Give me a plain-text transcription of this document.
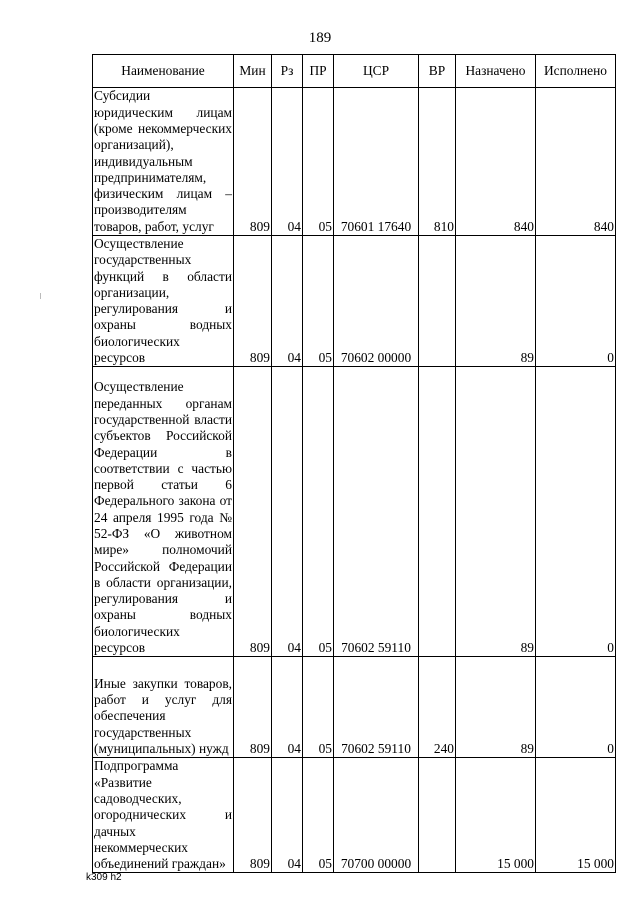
189
Наименование	Мин	Рз	ПР	ЦСР	ВР	Назначено	Исполнено

Субсидии юридическим лицам (кроме некоммерческих организаций), индивидуальным предпринимателям, физическим лицам – производителям товаров, работ, услуг	809	04	05	70601 17640	810	840	840

Осуществление государственных функций в области организации, регулирования и охраны водных биологических ресурсов	809	04	05	70602 00000		89	0

Осуществление переданных органам государственной власти субъектов Российской Федерации в соответствии с частью первой статьи 6 Федерального закона от 24 апреля 1995 года № 52-ФЗ «О животном мире» полномочий Российской Федерации в области организации, регулирования и охраны водных биологических ресурсов	809	04	05	70602 59110		89	0

Иные закупки товаров, работ и услуг для обеспечения государственных (муниципальных) нужд	809	04	05	70602 59110	240	89	0

Подпрограмма «Развитие садоводческих, огороднических и дачных некоммерческих объединений граждан»	809	04	05	70700 00000		15 000	15 000
k309 h2
